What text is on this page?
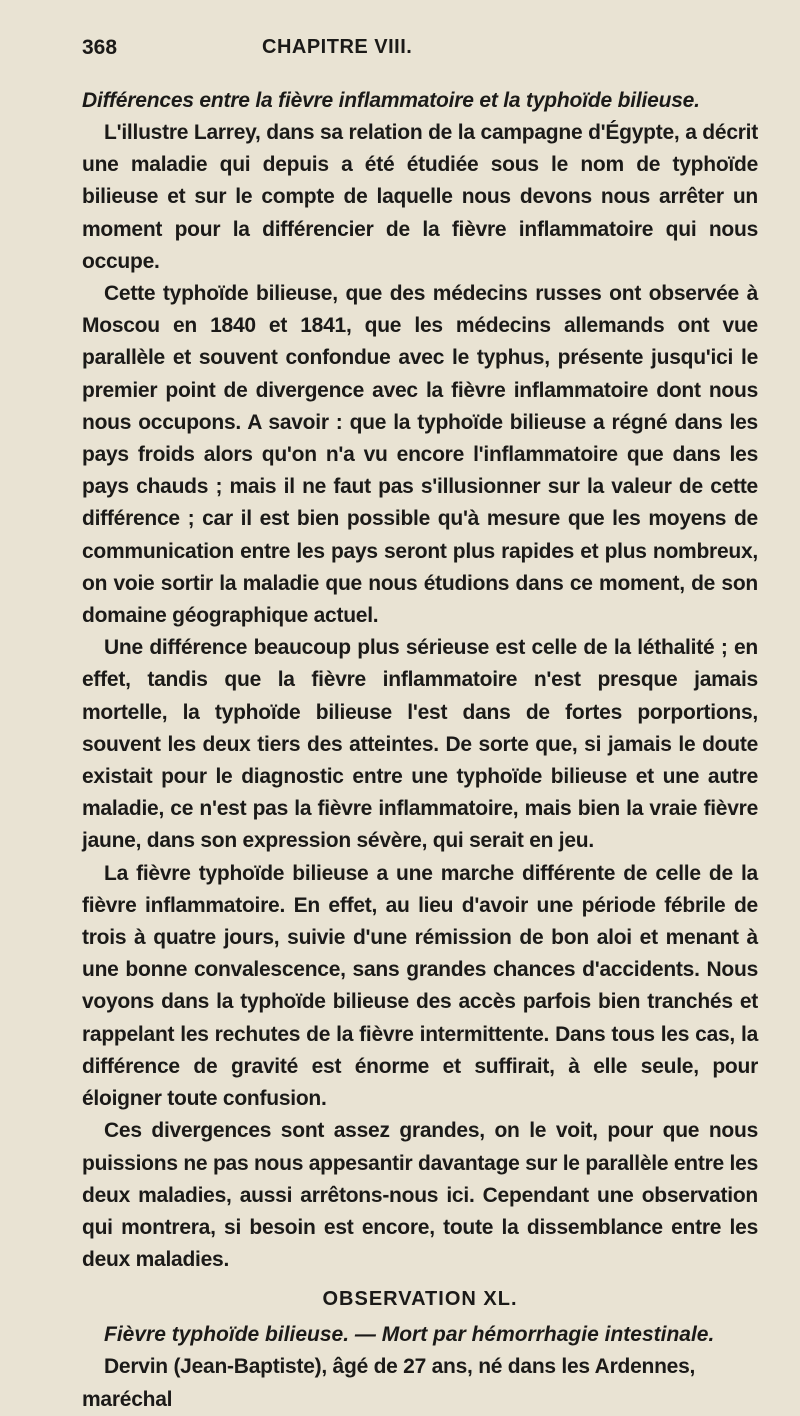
368	CHAPITRE VIII.

Différences entre la fièvre inflammatoire et la typhoïde bilieuse.

L'illustre Larrey, dans sa relation de la campagne d'Égypte, a décrit une maladie qui depuis a été étudiée sous le nom de typhoïde bilieuse et sur le compte de laquelle nous devons nous arrêter un moment pour la différencier de la fièvre inflammatoire qui nous occupe.

Cette typhoïde bilieuse, que des médecins russes ont observée à Moscou en 1840 et 1841, que les médecins allemands ont vue parallèle et souvent confondue avec le typhus, présente jusqu'ici le premier point de divergence avec la fièvre inflammatoire dont nous nous occupons. A savoir : que la typhoïde bilieuse a régné dans les pays froids alors qu'on n'a vu encore l'inflammatoire que dans les pays chauds ; mais il ne faut pas s'illusionner sur la valeur de cette différence ; car il est bien possible qu'à mesure que les moyens de communication entre les pays seront plus rapides et plus nombreux, on voie sortir la maladie que nous étudions dans ce moment, de son domaine géographique actuel.

Une différence beaucoup plus sérieuse est celle de la léthalité ; en effet, tandis que la fièvre inflammatoire n'est presque jamais mortelle, la typhoïde bilieuse l'est dans de fortes porportions, souvent les deux tiers des atteintes. De sorte que, si jamais le doute existait pour le diagnostic entre une typhoïde bilieuse et une autre maladie, ce n'est pas la fièvre inflammatoire, mais bien la vraie fièvre jaune, dans son expression sévère, qui serait en jeu.

La fièvre typhoïde bilieuse a une marche différente de celle de la fièvre inflammatoire. En effet, au lieu d'avoir une période fébrile de trois à quatre jours, suivie d'une rémission de bon aloi et menant à une bonne convalescence, sans grandes chances d'accidents. Nous voyons dans la typhoïde bilieuse des accès parfois bien tranchés et rappelant les rechutes de la fièvre intermittente. Dans tous les cas, la différence de gravité est énorme et suffirait, à elle seule, pour éloigner toute confusion.

Ces divergences sont assez grandes, on le voit, pour que nous puissions ne pas nous appesantir davantage sur le parallèle entre les deux maladies, aussi arrêtons-nous ici. Cependant une observation qui montrera, si besoin est encore, toute la dissemblance entre les deux maladies.

OBSERVATION XL.

Fièvre typhoïde bilieuse. — Mort par hémorrhagie intestinale.

Dervin (Jean-Baptiste), âgé de 27 ans, né dans les Ardennes, maréchal
